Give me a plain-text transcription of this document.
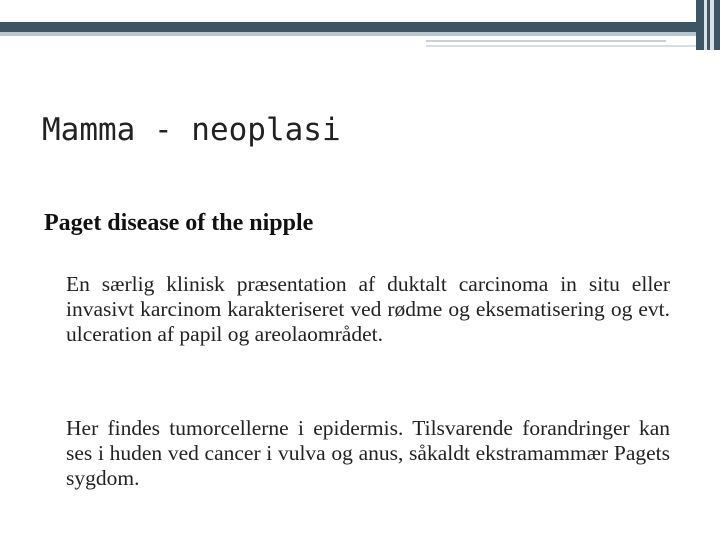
Mamma - neoplasi
Paget disease of the nipple

En særlig klinisk præsentation af duktalt carcinoma in situ eller invasivt karcinom karakteriseret ved rødme og eksematisering og evt. ulceration af papil og areolaområdet.

Her findes tumorcellerne i epidermis. Tilsvarende forandringer kan ses i huden ved cancer i vulva og anus, såkaldt ekstramammær Pagets sygdom.
